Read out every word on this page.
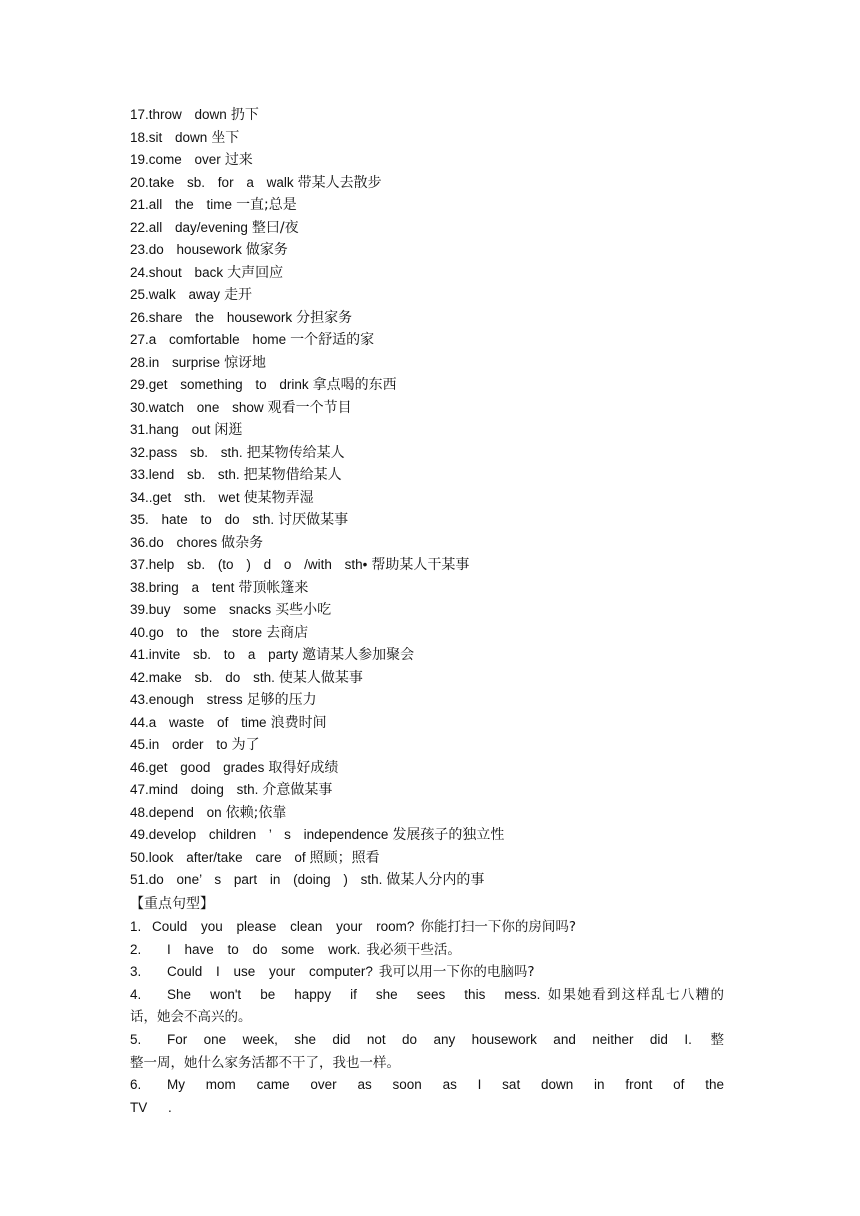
17.throw down 扔下
18.sit down 坐下
19.come over 过来
20.take sb. for a walk 带某人去散步
21.all the time 一直;总是
22.all day/evening 整曰/夜
23.do housework 做家务
24.shout back 大声回应
25.walk away 走开
26.share the housework 分担家务
27.a comfortable home 一个舒适的家
28.in surprise 惊讶地
29.get something to drink 拿点喝的东西
30.watch one show 观看一个节目
31.hang out 闲逛
32.pass sb. sth. 把某物传给某人
33.lend sb. sth. 把某物借给某人
34..get sth. wet 使某物弄湿
35. hate to do sth. 讨厌做某事
36.do chores 做杂务
37.help sb. (to ) d o /with sth• 帮助某人干某事
38.bring a tent 带顶帐篷来
39.buy some snacks 买些小吃
40.go to the store 去商店
41.invite sb. to a party 邀请某人参加聚会
42.make sb. do sth. 使某人做某事
43.enough stress 足够的压力
44.a waste of time 浪费时间
45.in order to 为了
46.get good grades 取得好成绩
47.mind doing sth. 介意做某事
48.depend on 依赖;依靠
49.develop children ’ s independence 发展孩子的独立性
50.look after/take care of 照顾；照看
51.do one’ s part in (doing ) sth. 做某人分内的事
【重点句型】
1. Could you please clean your room? 你能打扫一下你的房间吗?
2. I have to do some work. 我必须干些活。
3. Could I use your computer? 我可以用一下你的电脑吗?
4. She won't be happy if she sees this mess. 如果她看到这样乱七八糟的
话，她会不高兴的。
5. For one week, she did not do any housework and neither did I. 整
整一周，她什么家务活都不干了，我也一样。
6. My mom came over as soon as I sat down in front of the TV .
